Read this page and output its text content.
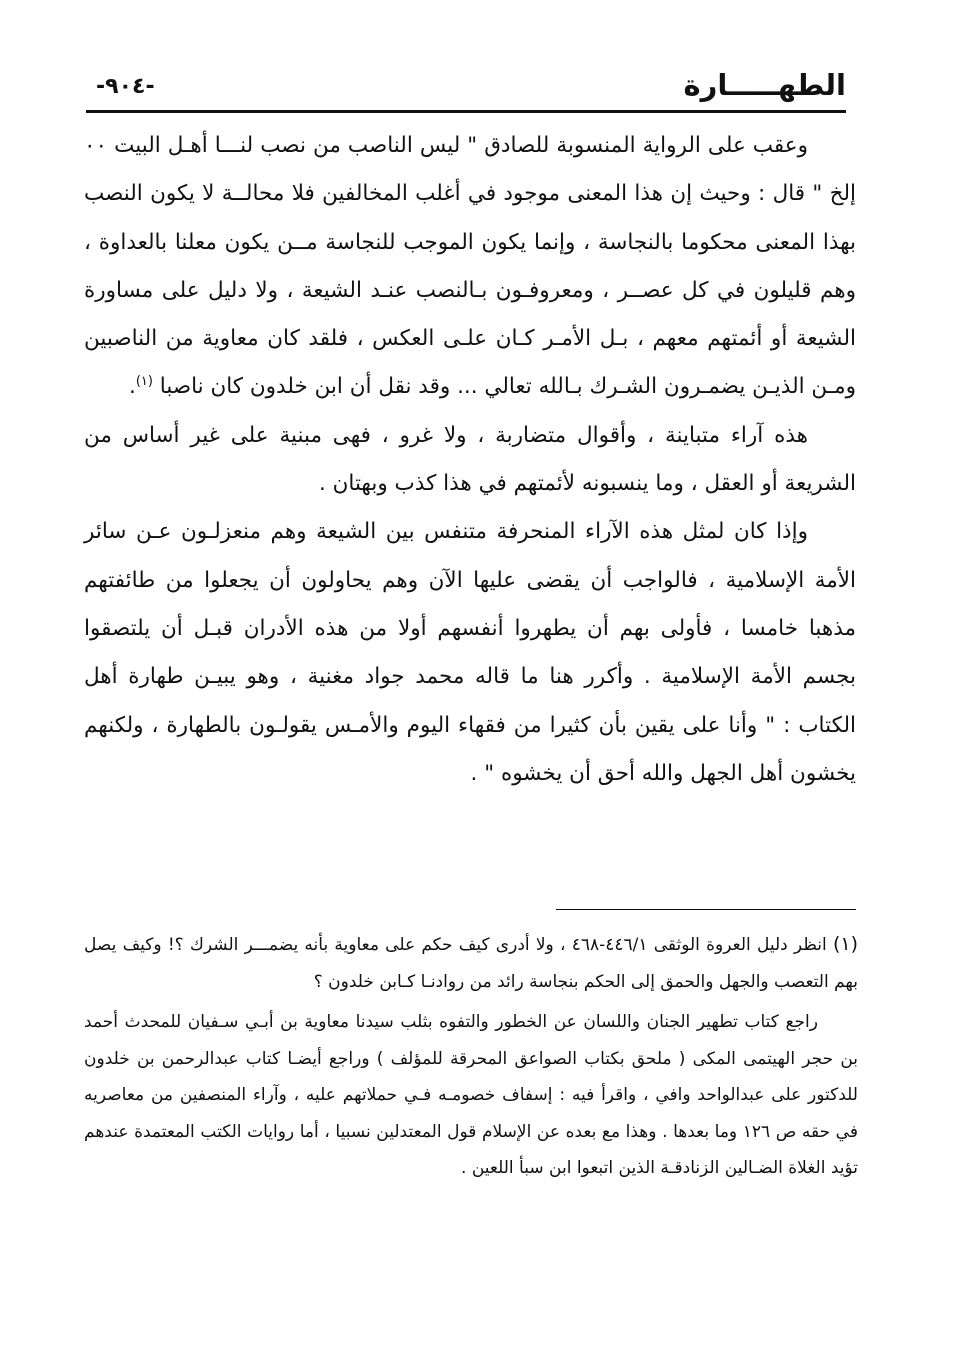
الطهـــــارة
-٩٠٤-

وعقب على الرواية المنسوبة للصادق " ليس الناصب من نصب لنـــا أهـل البيت ٠٠ إلخ " قال : وحيث إن هذا المعنى موجود في أغلب المخالفين فلا محالــة لا يكون النصب بهذا المعنى محكوما بالنجاسة ، وإنما يكون الموجب للنجاسة مــن يكون معلنا بالعداوة ، وهم قليلون في كل عصــر ، ومعروفـون بـالنصب عنـد الشيعة ، ولا دليل على مساورة الشيعة أو أئمتهم معهم ، بـل الأمـر كـان علـى العكس ، فلقد كان معاوية من الناصبين ومـن الذيـن يضمـرون الشـرك بـالله تعالي ... وقد نقل أن ابن خلدون كان ناصبا $^{(١)}$.

هذه آراء متباينة ، وأقوال متضاربة ، ولا غرو ، فهى مبنية على غير أساس من الشريعة أو العقل ، وما ينسبونه لأئمتهم في هذا كذب وبهتان .

وإذا كان لمثل هذه الآراء المنحرفة متنفس بين الشيعة وهم منعزلـون عـن سائر الأمة الإسلامية ، فالواجب أن يقضى عليها الآن وهم يحاولون أن يجعلوا من طائفتهم مذهبا خامسا ، فأولى بهم أن يطهروا أنفسهم أولا من هذه الأدران قبـل أن يلتصقوا بجسم الأمة الإسلامية . وأكرر هنا ما قاله محمد جواد مغنية ، وهو يبيـن طهارة أهل الكتاب : " وأنا على يقين بأن كثيرا من فقهاء اليوم والأمـس يقولـون بالطهارة ، ولكنهم يخشون أهل الجهل والله أحق أن يخشوه " .

(١) انظر دليل العروة الوثقى ٤٤٦/١-٤٦٨ ، ولا أدرى كيف حكم على معاوية بأنه يضمـــر الشرك ؟! وكيف يصل بهم التعصب والجهل والحمق إلى الحكم بنجاسة رائد من روادنـا كـابن خلدون ؟

راجع كتاب تطهير الجنان واللسان عن الخطور والتفوه بثلب سيدنا معاوية بن أبـي سـفيان للمحدث أحمد بن حجر الهيتمى المكى ( ملحق بكتاب الصواعق المحرقة للمؤلف ) وراجع أيضـا كتاب عبدالرحمن بن خلدون للدكتور على عبدالواحد وافي ، واقرأ فيه : إسفاف خصومـه فـي حملاتهم عليه ، وآراء المنصفين من معاصريه في حقه ص ١٢٦ وما بعدها . وهذا مع بعده عن الإسلام قول المعتدلين نسبيا ، أما روايات الكتب المعتمدة عندهم تؤيد الغلاة الضـالين الزنادقـة الذين اتبعوا ابن سبأ اللعين .
